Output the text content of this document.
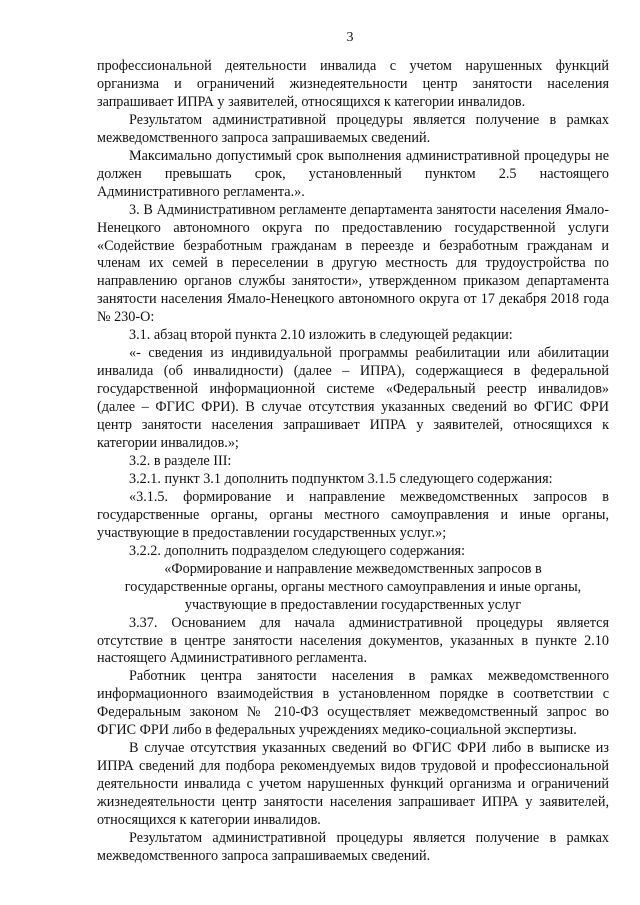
3

профессиональной деятельности инвалида с учетом нарушенных функций организма и ограничений жизнедеятельности центр занятости населения запрашивает ИПРА у заявителей, относящихся к категории инвалидов.

Результатом административной процедуры является получение в рамках межведомственного запроса запрашиваемых сведений.

Максимально допустимый срок выполнения административной процедуры не должен превышать срок, установленный пунктом 2.5 настоящего Административного регламента.».

3. В Административном регламенте департамента занятости населения Ямало-Ненецкого автономного округа по предоставлению государственной услуги «Содействие безработным гражданам в переезде и безработным гражданам и членам их семей в переселении в другую местность для трудоустройства по направлению органов службы занятости», утвержденном приказом департамента занятости населения Ямало-Ненецкого автономного округа от 17 декабря 2018 года № 230-О:

3.1. абзац второй пункта 2.10 изложить в следующей редакции:

«- сведения из индивидуальной программы реабилитации или абилитации инвалида (об инвалидности) (далее – ИПРА), содержащиеся в федеральной государственной информационной системе «Федеральный реестр инвалидов» (далее – ФГИС ФРИ). В случае отсутствия указанных сведений во ФГИС ФРИ центр занятости населения запрашивает ИПРА у заявителей, относящихся к категории инвалидов.»;

3.2. в разделе III:

3.2.1. пункт 3.1 дополнить подпунктом 3.1.5 следующего содержания:

«3.1.5. формирование и направление межведомственных запросов в государственные органы, органы местного самоуправления и иные органы, участвующие в предоставлении государственных услуг.»;

3.2.2. дополнить подразделом следующего содержания:

«Формирование и направление межведомственных запросов в
государственные органы, органы местного самоуправления и иные органы,
участвующие в предоставлении государственных услуг

3.37. Основанием для начала административной процедуры является отсутствие в центре занятости населения документов, указанных в пункте 2.10 настоящего Административного регламента.

Работник центра занятости населения в рамках межведомственного информационного взаимодействия в установленном порядке в соответствии с Федеральным законом № 210-ФЗ осуществляет межведомственный запрос во ФГИС ФРИ либо в федеральных учреждениях медико-социальной экспертизы.

В случае отсутствия указанных сведений во ФГИС ФРИ либо в выписке из ИПРА сведений для подбора рекомендуемых видов трудовой и профессиональной деятельности инвалида с учетом нарушенных функций организма и ограничений жизнедеятельности центр занятости населения запрашивает ИПРА у заявителей, относящихся к категории инвалидов.

Результатом административной процедуры является получение в рамках межведомственного запроса запрашиваемых сведений.
